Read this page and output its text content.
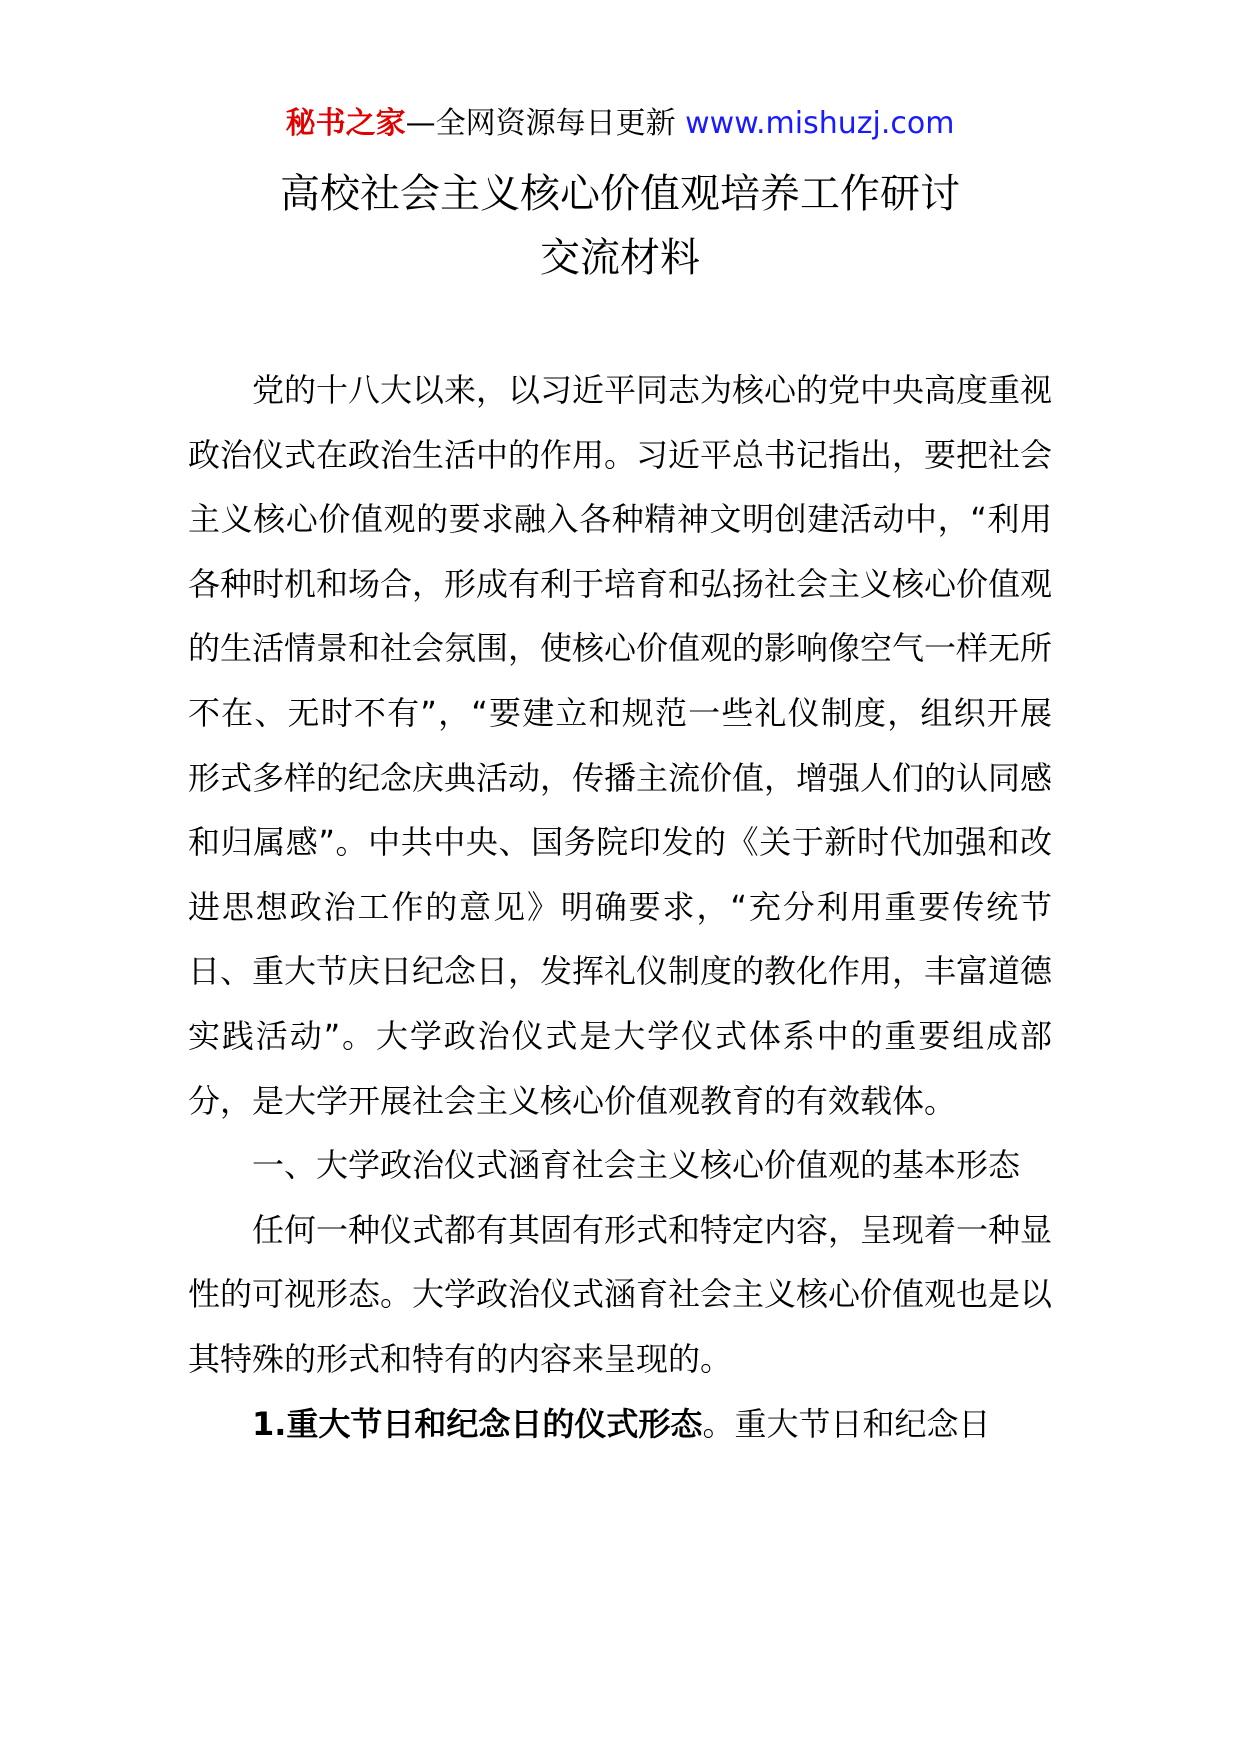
秘书之家—全网资源每日更新 www.mishuzj.com
高校社会主义核心价值观培养工作研讨
交流材料

党的十八大以来，以习近平同志为核心的党中央高度重视政治仪式在政治生活中的作用。习近平总书记指出，要把社会主义核心价值观的要求融入各种精神文明创建活动中，“利用各种时机和场合，形成有利于培育和弘扬社会主义核心价值观的生活情景和社会氛围，使核心价值观的影响像空气一样无所不在、无时不有”，“要建立和规范一些礼仪制度，组织开展形式多样的纪念庆典活动，传播主流价值，增强人们的认同感和归属感”。中共中央、国务院印发的《关于新时代加强和改进思想政治工作的意见》明确要求，“充分利用重要传统节日、重大节庆日纪念日，发挥礼仪制度的教化作用，丰富道德实践活动”。大学政治仪式是大学仪式体系中的重要组成部分，是大学开展社会主义核心价值观教育的有效载体。

一、大学政治仪式涵育社会主义核心价值观的基本形态

任何一种仪式都有其固有形式和特定内容，呈现着一种显性的可视形态。大学政治仪式涵育社会主义核心价值观也是以其特殊的形式和特有的内容来呈现的。

1.重大节日和纪念日的仪式形态。重大节日和纪念日
